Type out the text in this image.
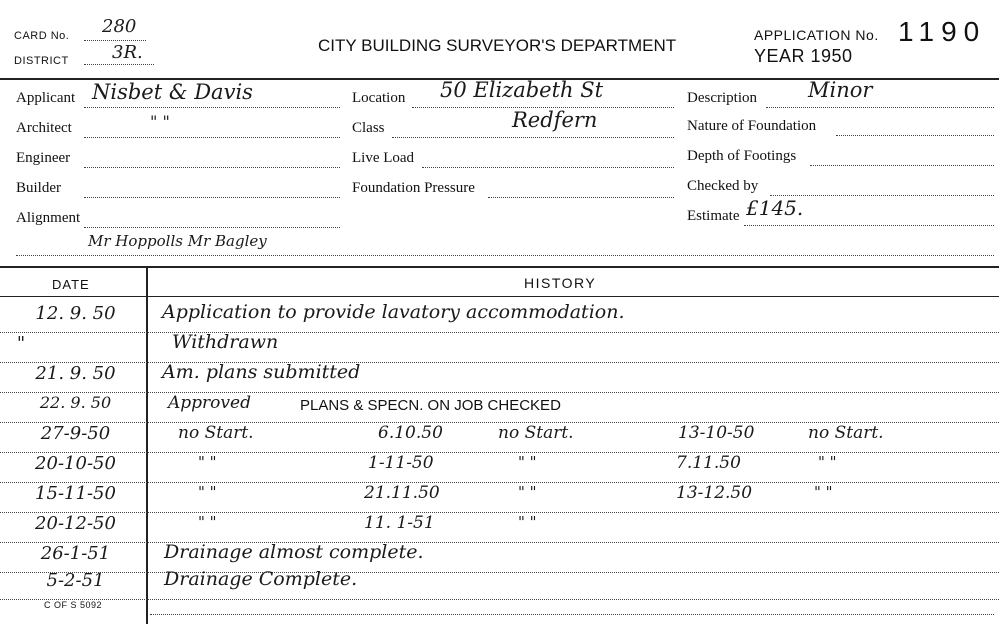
CARD No. 280
DISTRICT 3R.	CITY BUILDING SURVEYOR'S DEPARTMENT
APPLICATION No. 1190
YEAR 1950
Applicant Nisbet & Davis
Architect	" "
Engineer
Builder
Alignment
Location 50 Elizabeth St
Class	Redfern
Live Load
Foundation Pressure
Description Minor
Nature of Foundation
Depth of Footings
Checked by
Estimate £145.
Mr Hoppolls Mr Bagley
DATE	HISTORY
12. 9. 50	Application to provide lavatory accommodation.
"	Withdrawn
21. 9. 50	Am. plans submitted
22. 9. 50	Approved	PLANS & SPECN. ON JOB CHECKED
27-9-50	no Start.	6.10.50	no Start.	13-10-50	no Start.
20-10-50	" "	1-11-50	" "	7.11.50	" "
15-11-50	" "	21.11.50	" "	13-12.50	" "
20-12-50	" "	11. 1-51	" "
26-1-51	Drainage almost complete.
5-2-51	Drainage Complete.
C OF S 5092
